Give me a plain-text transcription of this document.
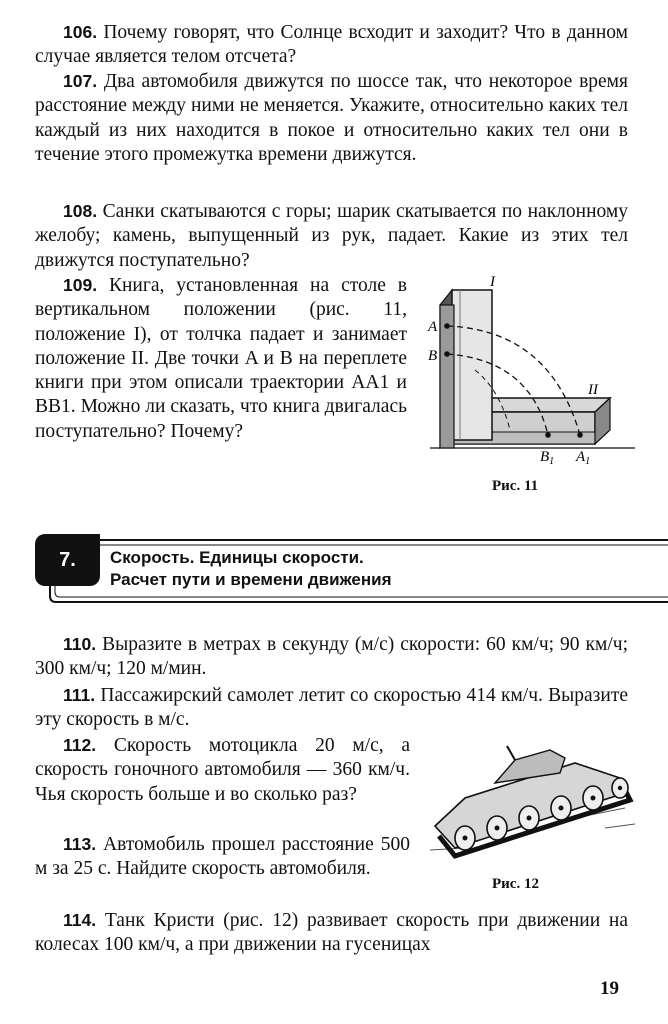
106. Почему говорят, что Солнце всходит и заходит? Что в данном случае является телом отсчета?

107. Два автомобиля движутся по шоссе так, что некоторое время расстояние между ними не меняется. Укажите, относительно каких тел каждый из них находится в покое и относительно каких тел они в течение этого промежутка времени движутся.

108. Санки скатываются с горы; шарик скатывается по наклонному желобу; камень, выпущенный из рук, падает. Какие из этих тел движутся поступательно?

109. Книга, установленная на столе в вертикальном положении (рис. 11, положение I), от толчка падает и занимает положение II. Две точки A и B на переплете книги при этом описали траектории AA1 и BB1. Можно ли сказать, что книга двигалась поступательно? Почему?

I
II
A
B
$B_1$ $A_1$
Рис. 11
7.	Скорость. Единицы скорости.
Расчет пути и времени движения

110. Выразите в метрах в секунду (м/с) скорости: 60 км/ч; 90 км/ч; 300 км/ч; 120 м/мин.

111. Пассажирский самолет летит со скоростью 414 км/ч. Выразите эту скорость в м/с.

112. Скорость мотоцикла 20 м/с, а скорость гоночного автомобиля — 360 км/ч. Чья скорость больше и во сколько раз?

113. Автомобиль прошел расстояние 500 м за 25 с. Найдите скорость автомобиля.

Рис. 12

114. Танк Кристи (рис. 12) развивает скорость при движении на колесах 100 км/ч, а при движении на гусеницах

19
